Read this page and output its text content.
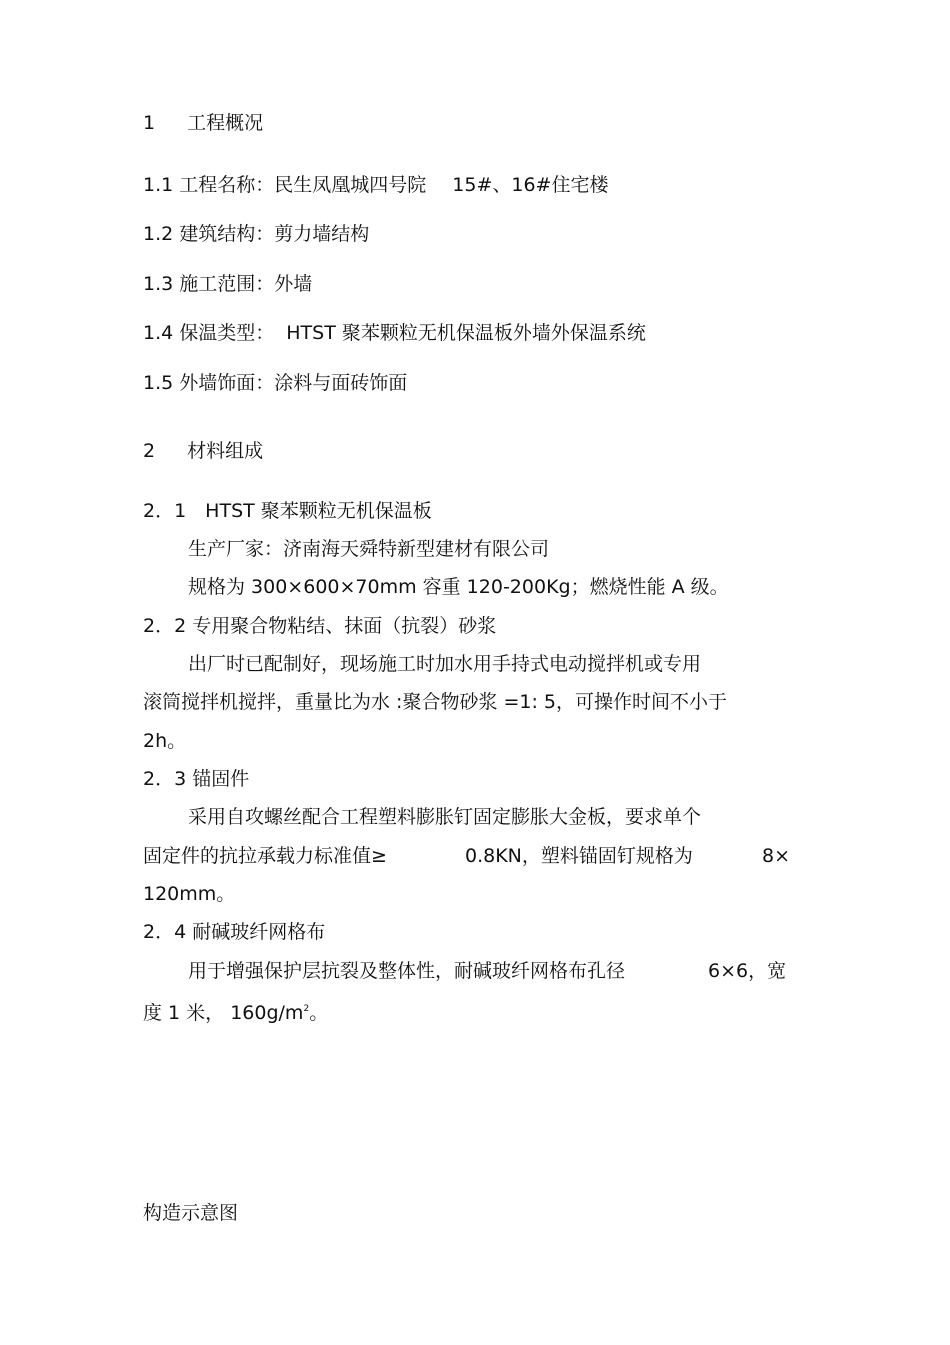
1 工程概况
1.1 工程名称：民生凤凰城四号院 15#、16#住宅楼
1.2 建筑结构：剪力墙结构
1.3 施工范围：外墙
1.4 保温类型： HTST 聚苯颗粒无机保温板外墙外保温系统
1.5 外墙饰面：涂料与面砖饰面
2 材料组成
2．1　HTST 聚苯颗粒无机保温板
生产厂家：济南海天舜特新型建材有限公司
规格为 300×600×70mm 容重 120-200Kg；燃烧性能 A 级。
2．2 专用聚合物粘结、抹面（抗裂）砂浆
出厂时已配制好，现场施工时加水用手持式电动搅拌机或专用
滚筒搅拌机搅拌，重量比为水 :聚合物砂浆 =1: 5，可操作时间不小于
2h。
2．3 锚固件
采用自攻螺丝配合工程塑料膨胀钉固定膨胀大金板，要求单个
固定件的抗拉承载力标准值≥	0.8KN，塑料锚固钉规格为	8×
120mm。
2．4 耐碱玻纤网格布
用于增强保护层抗裂及整体性，耐碱玻纤网格布孔径	6×6，宽
度 1 米， $160g/m^2$。
构造示意图
